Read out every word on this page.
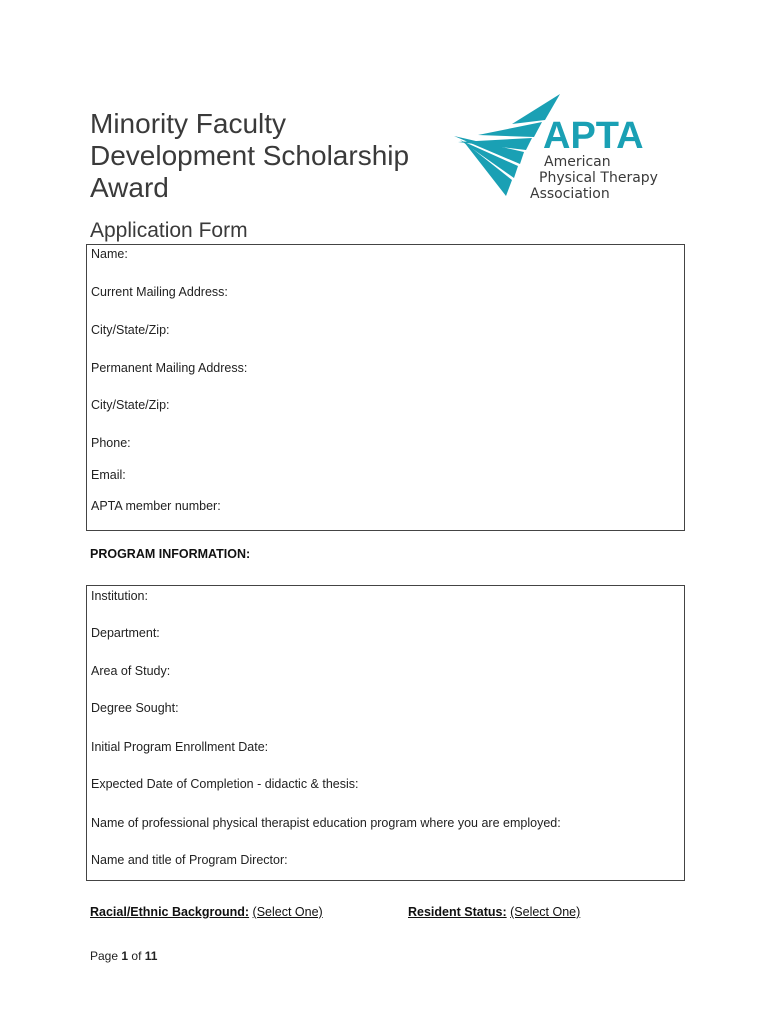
Minority Faculty
Development Scholarship
Award
APTA
American
Physical Therapy
Association
Application Form
Name:
Current Mailing Address:
City/State/Zip:
Permanent Mailing Address:
City/State/Zip:
Phone:
Email:
APTA member number:
PROGRAM INFORMATION:
Institution:
Department:
Area of Study:
Degree Sought:
Initial Program Enrollment Date:
Expected Date of Completion - didactic & thesis:
Name of professional physical therapist education program where you are employed:
Name and title of Program Director:
Racial/Ethnic Background: (Select One)	Resident Status: (Select One)
Page 1 of 11
